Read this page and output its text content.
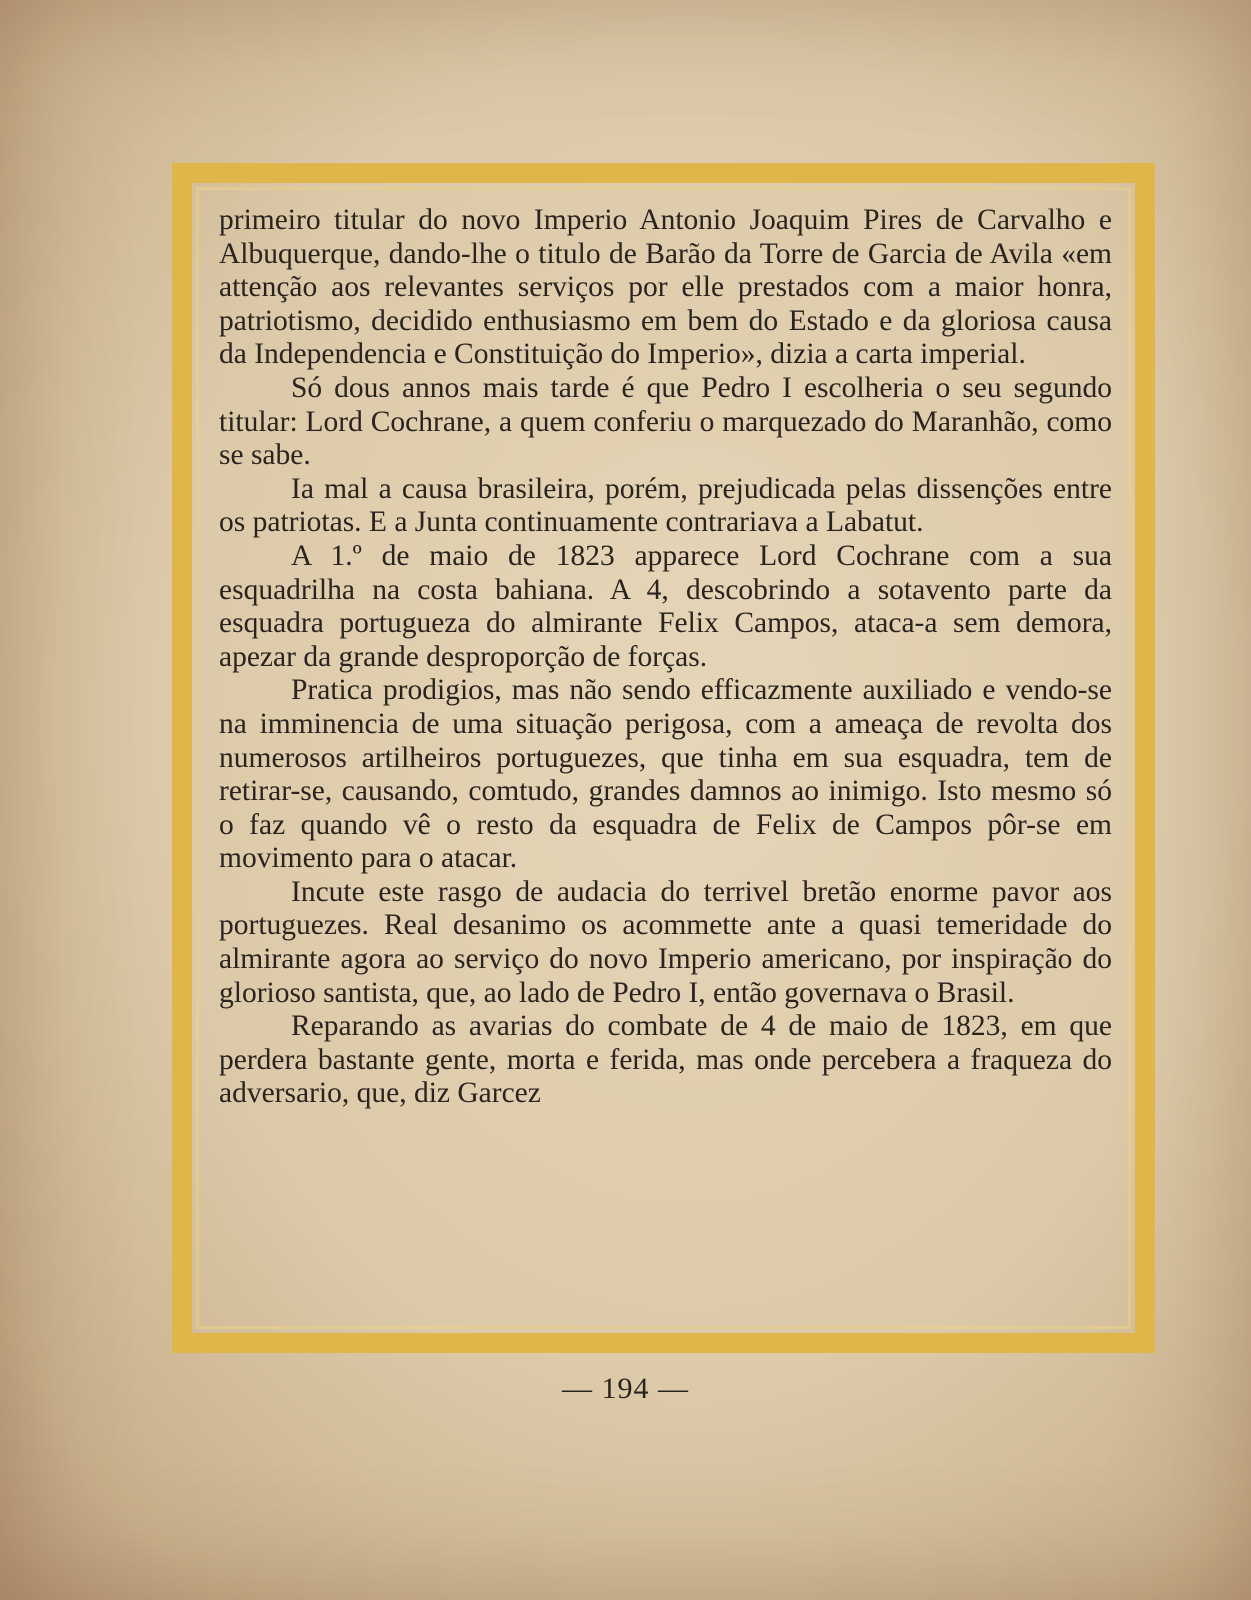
primeiro titular do novo Imperio Antonio Joaquim Pires de Carvalho e Albuquerque, dando-lhe o titulo de Barão da Torre de Garcia de Avila «em attenção aos relevantes serviços por elle prestados com a maior honra, patriotismo, decidido enthusiasmo em bem do Estado e da gloriosa causa da Independencia e Constituição do Imperio», dizia a carta imperial.

Só dous annos mais tarde é que Pedro I escolheria o seu segundo titular: Lord Cochrane, a quem conferiu o marquezado do Maranhão, como se sabe.

Ia mal a causa brasileira, porém, prejudicada pelas dissenções entre os patriotas. E a Junta continuamente contrariava a Labatut.

A 1.º de maio de 1823 apparece Lord Cochrane com a sua esquadrilha na costa bahiana. A 4, descobrindo a sotavento parte da esquadra portugueza do almirante Felix Campos, ataca-a sem demora, apezar da grande desproporção de forças.

Pratica prodigios, mas não sendo efficazmente auxiliado e vendo-se na imminencia de uma situação perigosa, com a ameaça de revolta dos numerosos artilheiros portuguezes, que tinha em sua esquadra, tem de retirar-se, causando, comtudo, grandes damnos ao inimigo. Isto mesmo só o faz quando vê o resto da esquadra de Felix de Campos pôr-se em movimento para o atacar.

Incute este rasgo de audacia do terrivel bretão enorme pavor aos portuguezes. Real desanimo os acommette ante a quasi temeridade do almirante agora ao serviço do novo Imperio americano, por inspiração do glorioso santista, que, ao lado de Pedro I, então governava o Brasil.

Reparando as avarias do combate de 4 de maio de 1823, em que perdera bastante gente, morta e ferida, mas onde percebera a fraqueza do adversario, que, diz Garcez

— 194 —
